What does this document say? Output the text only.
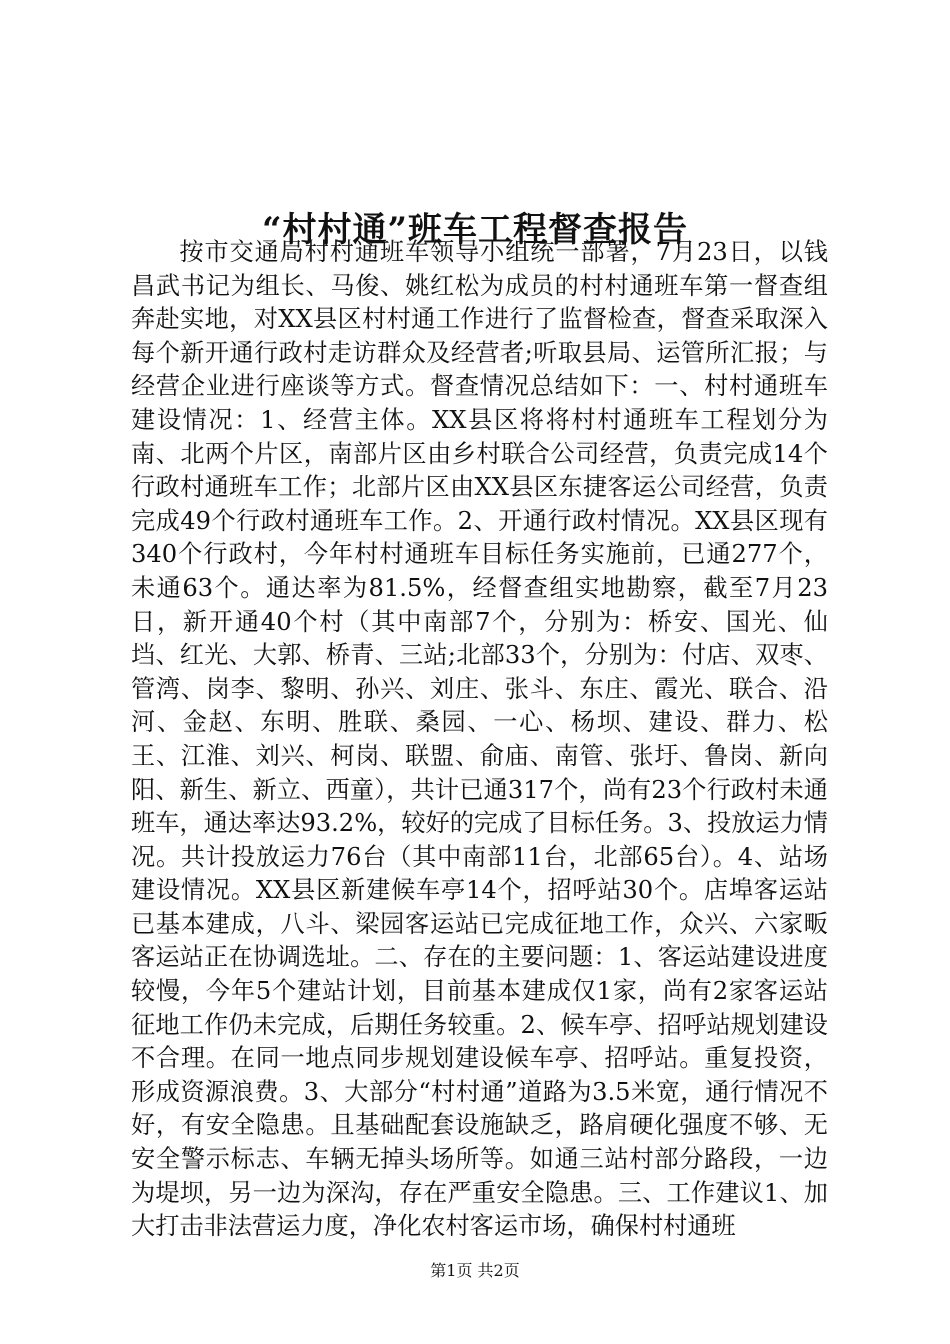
“村村通”班车工程督查报告

按市交通局村村通班车领导小组统一部署，7月23日，以钱昌武书记为组长、马俊、姚红松为成员的村村通班车第一督查组奔赴实地，对XX县区村村通工作进行了监督检查，督查采取深入每个新开通行政村走访群众及经营者;听取县局、运管所汇报；与经营企业进行座谈等方式。督查情况总结如下：一、村村通班车建设情况：1、经营主体。XX县区将将村村通班车工程划分为南、北两个片区，南部片区由乡村联合公司经营，负责完成14个行政村通班车工作；北部片区由XX县区东捷客运公司经营，负责完成49个行政村通班车工作。2、开通行政村情况。XX县区现有340个行政村，今年村村通班车目标任务实施前，已通277个，未通63个。通达率为81.5%，经督查组实地勘察，截至7月23日，新开通40个村（其中南部7个，分别为：桥安、国光、仙垱、红光、大郭、桥青、三站;北部33个，分别为：付店、双枣、管湾、岗李、黎明、孙兴、刘庄、张斗、东庄、霞光、联合、沿河、金赵、东明、胜联、桑园、一心、杨坝、建设、群力、松王、江淮、刘兴、柯岗、联盟、俞庙、南管、张圩、鲁岗、新向阳、新生、新立、西童），共计已通317个，尚有23个行政村未通班车，通达率达93.2%，较好的完成了目标任务。3、投放运力情况。共计投放运力76台（其中南部11台，北部65台）。4、站场建设情况。XX县区新建候车亭14个，招呼站30个。店埠客运站已基本建成，八斗、梁园客运站已完成征地工作，众兴、六家畈客运站正在协调选址。二、存在的主要问题：1、客运站建设进度较慢，今年5个建站计划，目前基本建成仅1家，尚有2家客运站征地工作仍未完成，后期任务较重。2、候车亭、招呼站规划建设不合理。在同一地点同步规划建设候车亭、招呼站。重复投资，形成资源浪费。3、大部分“村村通”道路为3.5米宽，通行情况不好，有安全隐患。且基础配套设施缺乏，路肩硬化强度不够、无安全警示标志、车辆无掉头场所等。如通三站村部分路段，一边为堤坝，另一边为深沟，存在严重安全隐患。三、工作建议1、加大打击非法营运力度，净化农村客运市场，确保村村通班

第1页 共2页
